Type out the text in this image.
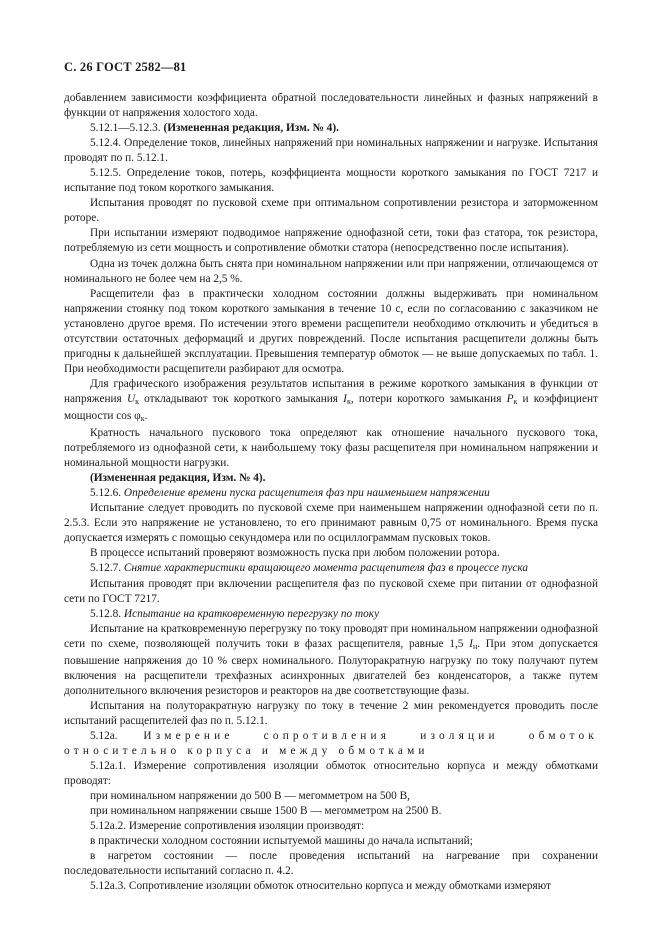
С. 26 ГОСТ 2582—81

добавлением зависимости коэффициента обратной последовательности линейных и фазных напряжений в функции от напряжения холостого хода.

5.12.1—5.12.3. (Измененная редакция, Изм. № 4).

5.12.4. Определение токов, линейных напряжений при номинальных напряжении и нагрузке. Испытания проводят по п. 5.12.1.

5.12.5. Определение токов, потерь, коэффициента мощности короткого замыкания по ГОСТ 7217 и испытание под током короткого замыкания.

Испытания проводят по пусковой схеме при оптимальном сопротивлении резистора и заторможенном роторе.

При испытании измеряют подводимое напряжение однофазной сети, токи фаз статора, ток резистора, потребляемую из сети мощность и сопротивление обмотки статора (непосредственно после испытания).

Одна из точек должна быть снята при номинальном напряжении или при напряжении, отличающемся от номинального не более чем на 2,5 %.

Расщепители фаз в практически холодном состоянии должны выдерживать при номинальном напряжении стоянку под током короткого замыкания в течение 10 с, если по согласованию с заказчиком не установлено другое время. По истечении этого времени расщепители необходимо отключить и убедиться в отсутствии остаточных деформаций и других повреждений. После испытания расщепители должны быть пригодны к дальнейшей эксплуатации. Превышения температур обмоток — не выше допускаемых по табл. 1. При необходимости расщепители разбирают для осмотра.

Для графического изображения результатов испытания в режиме короткого замыкания в функции от напряжения $U_к$ откладывают ток короткого замыкания $I_к$, потери короткого замыкания $P_к$ и коэффициент мощности $\cos \varphi_к$.

Кратность начального пускового тока определяют как отношение начального пускового тока, потребляемого из однофазной сети, к наибольшему току фазы расщепителя при номинальном напряжении и номинальной мощности нагрузки.

(Измененная редакция, Изм. № 4).

5.12.6. Определение времени пуска расщепителя фаз при наименьшем напряжении

Испытание следует проводить по пусковой схеме при наименьшем напряжении однофазной сети по п. 2.5.3. Если это напряжение не установлено, то его принимают равным 0,75 от номинального. Время пуска допускается измерять с помощью секундомера или по осциллограммам пусковых токов.

В процессе испытаний проверяют возможность пуска при любом положении ротора.

5.12.7. Снятие характеристики вращающего момента расщепителя фаз в процессе пуска

Испытания проводят при включении расщепителя фаз по пусковой схеме при питании от однофазной сети по ГОСТ 7217.

5.12.8. Испытание на кратковременную перегрузку по току

Испытание на кратковременную перегрузку по току проводят при номинальном напряжении однофазной сети по схеме, позволяющей получить токи в фазах расщепителя, равные 1,5 $I_н$. При этом допускается повышение напряжения до 10 % сверх номинального. Полуторакратную нагрузку по току получают путем включения на расщепители трехфазных асинхронных двигателей без конденсаторов, а также путем дополнительного включения резисторов и реакторов на две соответствующие фазы.

Испытания на полуторакратную нагрузку по току в течение 2 мин рекомендуется проводить после испытаний расщепителей фаз по п. 5.12.1.

5.12а. Измерение сопротивления изоляции обмоток относительно корпуса и между обмотками

5.12а.1. Измерение сопротивления изоляции обмоток относительно корпуса и между обмотками проводят:

при номинальном напряжении до 500 В — мегомметром на 500 В,

при номинальном напряжении свыше 1500 В — мегомметром на 2500 В.

5.12а.2. Измерение сопротивления изоляции производят:

в практически холодном состоянии испытуемой машины до начала испытаний;

в нагретом состоянии — после проведения испытаний на нагревание при сохранении последовательности испытаний согласно п. 4.2.

5.12а.3. Сопротивление изоляции обмоток относительно корпуса и между обмотками измеряют
